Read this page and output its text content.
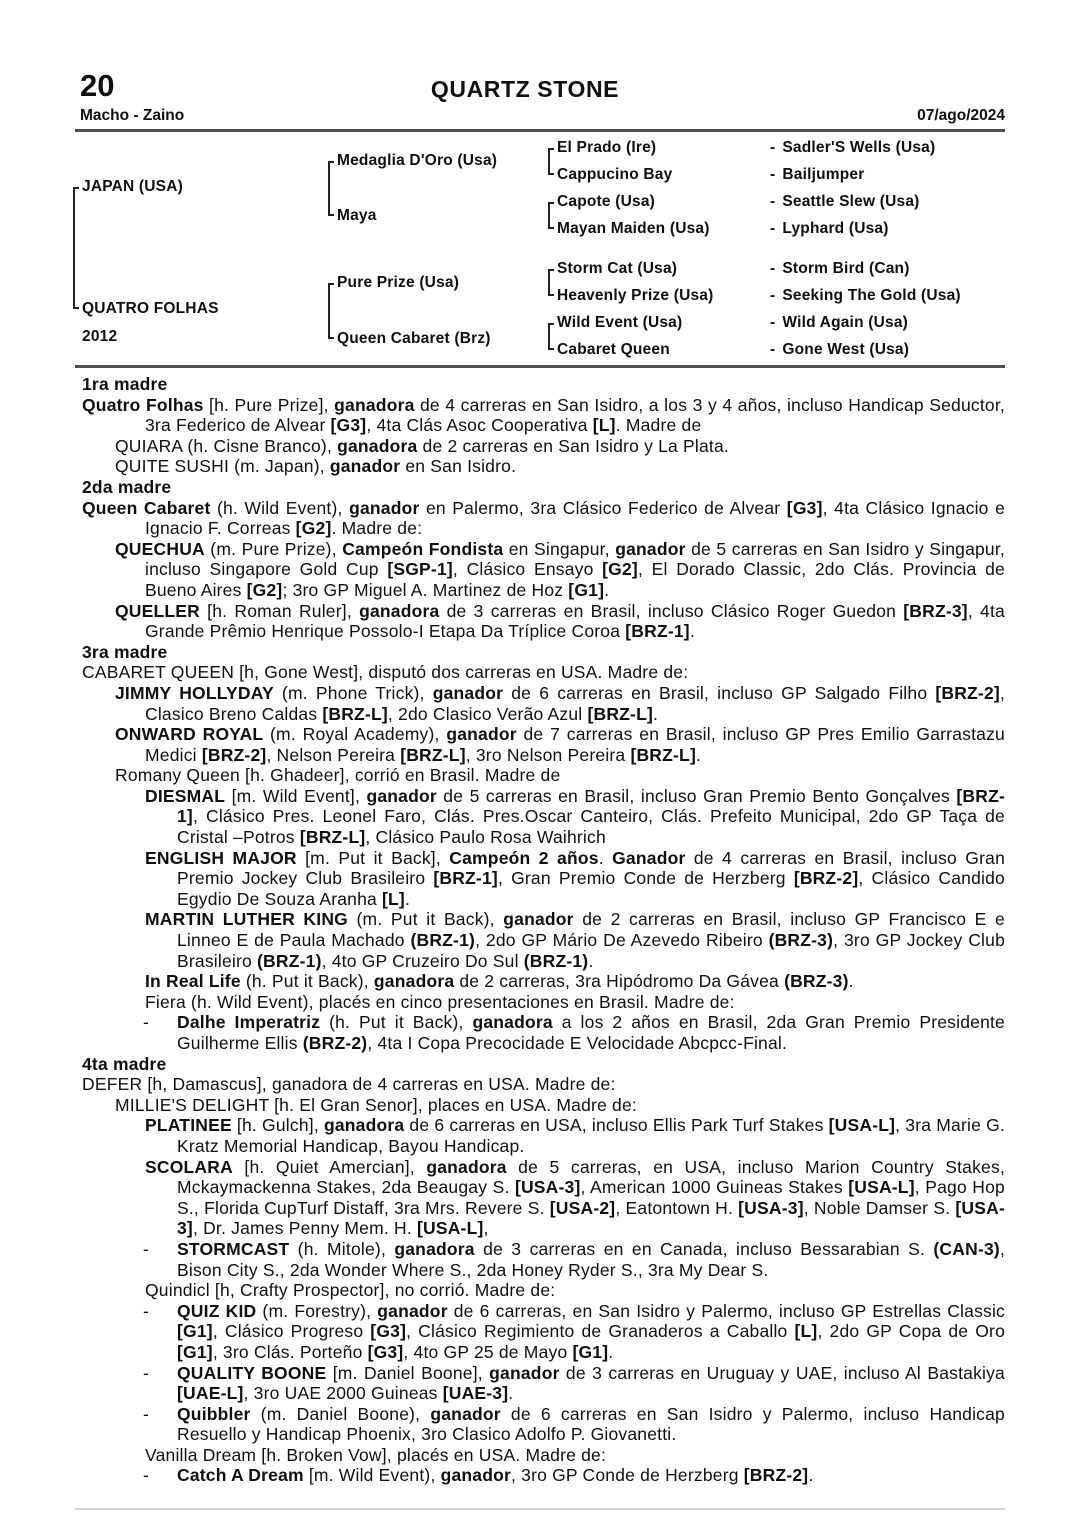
20	QUARTZ STONE
Macho - Zaino	07/ago/2024
JAPAN (USA)
QUATRO FOLHAS
2012
Medaglia D'Oro (Usa)
Maya
Pure Prize (Usa)
Queen Cabaret (Brz)
El Prado (Ire)
Cappucino Bay
Capote (Usa)
Mayan Maiden (Usa)
Storm Cat (Usa)
Heavenly Prize (Usa)
Wild Event (Usa)
Cabaret Queen
- Sadler'S Wells (Usa)
- Bailjumper
- Seattle Slew (Usa)
- Lyphard (Usa)
- Storm Bird (Can)
- Seeking The Gold (Usa)
- Wild Again (Usa)
- Gone West (Usa)
1ra madre

Quatro Folhas [h. Pure Prize], ganadora de 4 carreras en San Isidro, a los 3 y 4 años, incluso Handicap Seductor, 3ra Federico de Alvear [G3], 4ta Clás Asoc Cooperativa [L]. Madre de

QUIARA (h. Cisne Branco), ganadora de 2 carreras en San Isidro y La Plata.

QUITE SUSHI (m. Japan), ganador en San Isidro.

2da madre

Queen Cabaret (h. Wild Event), ganador en Palermo, 3ra Clásico Federico de Alvear [G3], 4ta Clásico Ignacio e Ignacio F. Correas [G2]. Madre de:

QUECHUA (m. Pure Prize), Campeón Fondista en Singapur, ganador de 5 carreras en San Isidro y Singapur, incluso Singapore Gold Cup [SGP-1], Clásico Ensayo [G2], El Dorado Classic, 2do Clás. Provincia de Bueno Aires [G2]; 3ro GP Miguel A. Martinez de Hoz [G1].

QUELLER [h. Roman Ruler], ganadora de 3 carreras en Brasil, incluso Clásico Roger Guedon [BRZ-3], 4ta Grande Prêmio Henrique Possolo-I Etapa Da Tríplice Coroa [BRZ-1].

3ra madre

CABARET QUEEN [h, Gone West], disputó dos carreras en USA. Madre de:

JIMMY HOLLYDAY (m. Phone Trick), ganador de 6 carreras en Brasil, incluso GP Salgado Filho [BRZ-2], Clasico Breno Caldas [BRZ-L], 2do Clasico Verão Azul [BRZ-L].

ONWARD ROYAL (m. Royal Academy), ganador de 7 carreras en Brasil, incluso GP Pres Emilio Garrastazu Medici [BRZ-2], Nelson Pereira [BRZ-L], 3ro Nelson Pereira [BRZ-L].

Romany Queen [h. Ghadeer], corrió en Brasil. Madre de

DIESMAL [m. Wild Event], ganador de 5 carreras en Brasil, incluso Gran Premio Bento Gonçalves [BRZ-1], Clásico Pres. Leonel Faro, Clás. Pres.Oscar Canteiro, Clás. Prefeito Municipal, 2do GP Taça de Cristal –Potros [BRZ-L], Clásico Paulo Rosa Waihrich

ENGLISH MAJOR [m. Put it Back], Campeón 2 años. Ganador de 4 carreras en Brasil, incluso Gran Premio Jockey Club Brasileiro [BRZ-1], Gran Premio Conde de Herzberg [BRZ-2], Clásico Candido Egydio De Souza Aranha [L].

MARTIN LUTHER KING (m. Put it Back), ganador de 2 carreras en Brasil, incluso GP Francisco E e Linneo E de Paula Machado (BRZ-1), 2do GP Mário De Azevedo Ribeiro (BRZ-3), 3ro GP Jockey Club Brasileiro (BRZ-1), 4to GP Cruzeiro Do Sul (BRZ-1).

In Real Life (h. Put it Back), ganadora de 2 carreras, 3ra Hipódromo Da Gávea (BRZ-3).

Fiera (h. Wild Event), placés en cinco presentaciones en Brasil. Madre de:

- Dalhe Imperatriz (h. Put it Back), ganadora a los 2 años en Brasil, 2da Gran Premio Presidente Guilherme Ellis (BRZ-2), 4ta I Copa Precocidade E Velocidade Abcpcc-Final.

4ta madre

DEFER [h, Damascus], ganadora de 4 carreras en USA. Madre de:

MILLIE'S DELIGHT [h. El Gran Senor], places en USA. Madre de:

PLATINEE [h. Gulch], ganadora de 6 carreras en USA, incluso Ellis Park Turf Stakes [USA-L], 3ra Marie G. Kratz Memorial Handicap, Bayou Handicap.

SCOLARA [h. Quiet Amercian], ganadora de 5 carreras, en USA, incluso Marion Country Stakes, Mckaymackenna Stakes, 2da Beaugay S. [USA-3], American 1000 Guineas Stakes [USA-L], Pago Hop S., Florida CupTurf Distaff, 3ra Mrs. Revere S. [USA-2], Eatontown H. [USA-3], Noble Damser S. [USA-3], Dr. James Penny Mem. H. [USA-L],

- STORMCAST (h. Mitole), ganadora de 3 carreras en en Canada, incluso Bessarabian S. (CAN-3), Bison City S., 2da Wonder Where S., 2da Honey Ryder S., 3ra My Dear S.

Quindicl [h, Crafty Prospector], no corrió. Madre de:

- QUIZ KID (m. Forestry), ganador de 6 carreras, en San Isidro y Palermo, incluso GP Estrellas Classic [G1], Clásico Progreso [G3], Clásico Regimiento de Granaderos a Caballo [L], 2do GP Copa de Oro [G1], 3ro Clás. Porteño [G3], 4to GP 25 de Mayo [G1].

- QUALITY BOONE [m. Daniel Boone], ganador de 3 carreras en Uruguay y UAE, incluso Al Bastakiya [UAE-L], 3ro UAE 2000 Guineas [UAE-3].

- Quibbler (m. Daniel Boone), ganador de 6 carreras en San Isidro y Palermo, incluso Handicap Resuello y Handicap Phoenix, 3ro Clasico Adolfo P. Giovanetti.

Vanilla Dream [h. Broken Vow], placés en USA. Madre de:

- Catch A Dream [m. Wild Event), ganador, 3ro GP Conde de Herzberg [BRZ-2].
